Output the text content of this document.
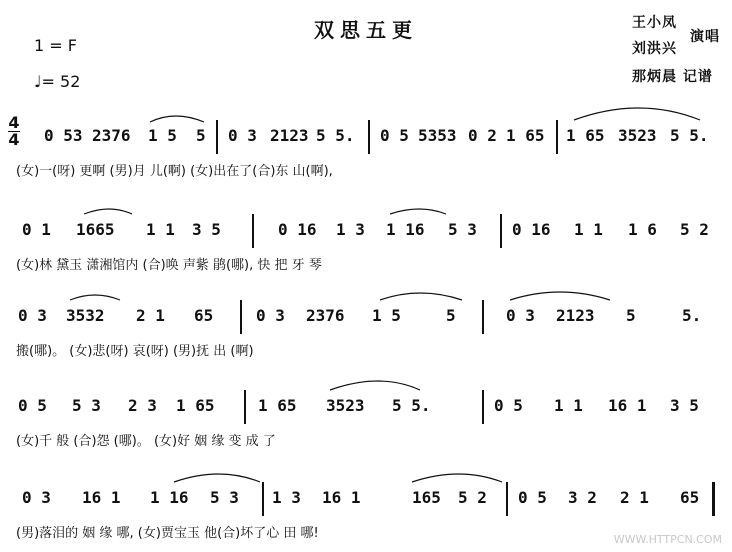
双思五更
1 = F
♩= 52
王小凤
刘洪兴
演唱
那炳晨 记谱
4
4 0 53 2376 1 5 5 0 3 2123 5 5. 0 5 5353 0 2 1 65 1 65 3523 5 5.
(女)一(呀) 更啊 (男)月 儿(啊) (女)出在了(合)东 山(啊),
0 1 1665 1 1 3 5	0 16 1 3 1 16 5 3 0 16 1 1 1 6 5 2
(女)林 黛玉 潇湘馆内 (合)唤 声紫 鹃(哪), 快 把 牙 琴
0 3 3532 2 1 65	0 3 2376 1 5	5	0 3 2123 5	5.
搬(哪)。 (女)悲(呀) 哀(呀) (男)抚 出 (啊)
0 5 5 3 2 3 1 65	1 65 3523 5 5.	0 5 1 1 16 1 3 5
(女)千 般 (合)怨 (哪)。 (女)好 姻 缘 变 成 了
0 3 16 1 1 16 5 3 1 3 16 1	165 5 2 0 5 3 2 2 1 65
(男)落泪的 姻 缘 哪, (女)贾宝玉 他(合)坏了心 田 哪!	WWW.HTTPCN.COM
